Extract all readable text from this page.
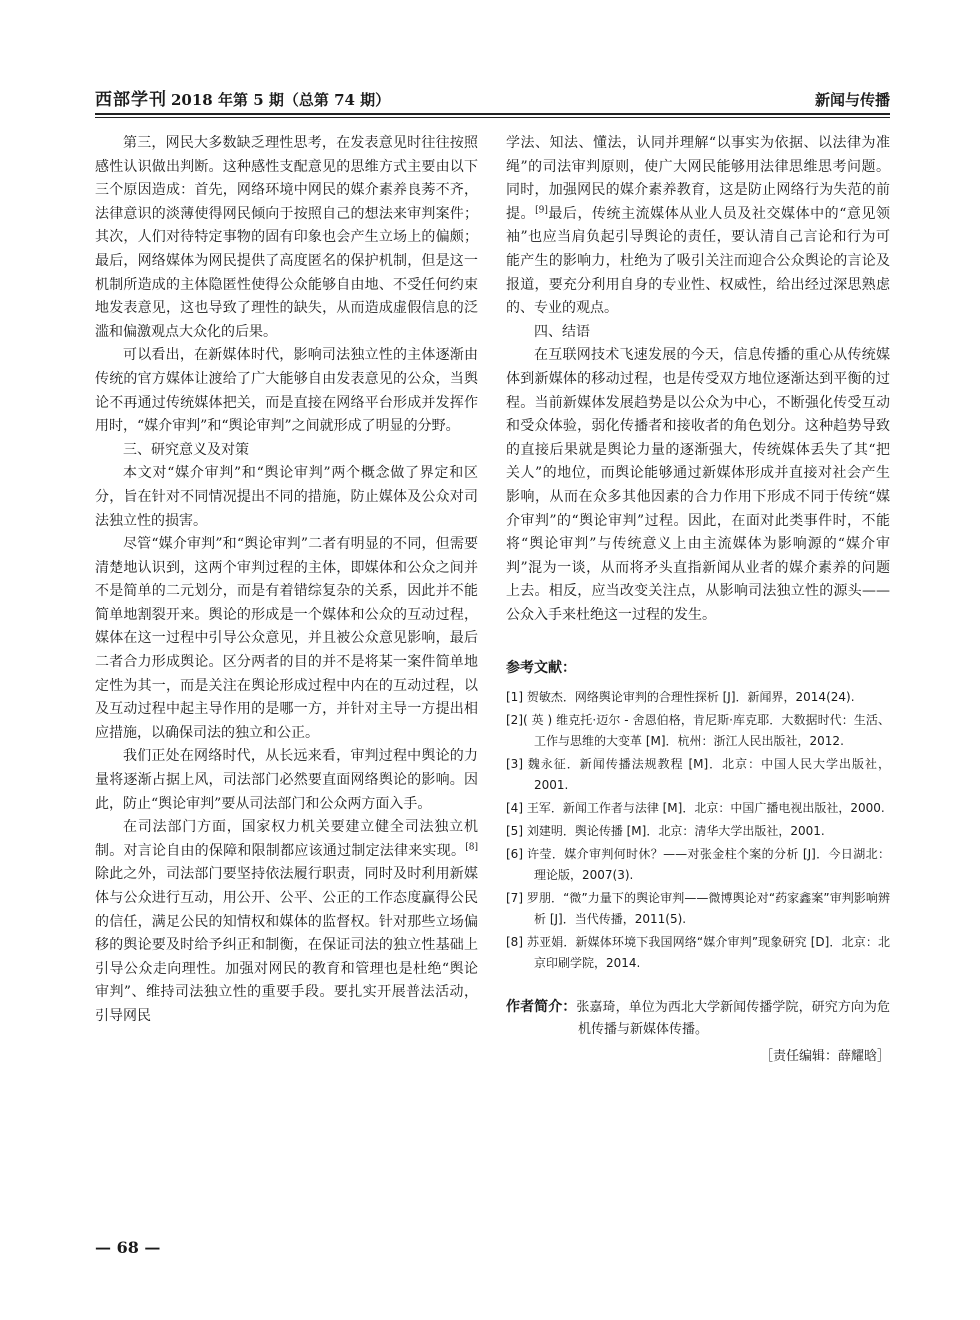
西部学刊 2018 年第 5 期（总第 74 期）	新闻与传播

第三，网民大多数缺乏理性思考，在发表意见时往往按照感性认识做出判断。这种感性支配意见的思维方式主要由以下三个原因造成：首先，网络环境中网民的媒介素养良莠不齐，法律意识的淡薄使得网民倾向于按照自己的想法来审判案件；其次，人们对待特定事物的固有印象也会产生立场上的偏颇；最后，网络媒体为网民提供了高度匿名的保护机制，但是这一机制所造成的主体隐匿性使得公众能够自由地、不受任何约束地发表意见，这也导致了理性的缺失，从而造成虚假信息的泛滥和偏激观点大众化的后果。

可以看出，在新媒体时代，影响司法独立性的主体逐渐由传统的官方媒体让渡给了广大能够自由发表意见的公众，当舆论不再通过传统媒体把关，而是直接在网络平台形成并发挥作用时，“媒介审判”和“舆论审判”之间就形成了明显的分野。

三、研究意义及对策

本文对“媒介审判”和“舆论审判”两个概念做了界定和区分，旨在针对不同情况提出不同的措施，防止媒体及公众对司法独立性的损害。

尽管“媒介审判”和“舆论审判”二者有明显的不同，但需要清楚地认识到，这两个审判过程的主体，即媒体和公众之间并不是简单的二元划分，而是有着错综复杂的关系，因此并不能简单地割裂开来。舆论的形成是一个媒体和公众的互动过程，媒体在这一过程中引导公众意见，并且被公众意见影响，最后二者合力形成舆论。区分两者的目的并不是将某一案件简单地定性为其一，而是关注在舆论形成过程中内在的互动过程，以及互动过程中起主导作用的是哪一方，并针对主导一方提出相应措施，以确保司法的独立和公正。

我们正处在网络时代，从长远来看，审判过程中舆论的力量将逐渐占据上风，司法部门必然要直面网络舆论的影响。因此，防止“舆论审判”要从司法部门和公众两方面入手。

在司法部门方面，国家权力机关要建立健全司法独立机制。对言论自由的保障和限制都应该通过制定法律来实现。[8]除此之外，司法部门要坚持依法履行职责，同时及时利用新媒体与公众进行互动，用公开、公平、公正的工作态度赢得公民的信任，满足公民的知情权和媒体的监督权。针对那些立场偏移的舆论要及时给予纠正和制衡，在保证司法的独立性基础上引导公众走向理性。加强对网民的教育和管理也是杜绝“舆论审判”、维持司法独立性的重要手段。要扎实开展普法活动，引导网民

学法、知法、懂法，认同并理解“以事实为依据、以法律为准绳”的司法审判原则，使广大网民能够用法律思维思考问题。同时，加强网民的媒介素养教育，这是防止网络行为失范的前提。[9]最后，传统主流媒体从业人员及社交媒体中的“意见领袖”也应当肩负起引导舆论的责任，要认清自己言论和行为可能产生的影响力，杜绝为了吸引关注而迎合公众舆论的言论及报道，要充分利用自身的专业性、权威性，给出经过深思熟虑的、专业的观点。

四、结语

在互联网技术飞速发展的今天，信息传播的重心从传统媒体到新媒体的移动过程，也是传受双方地位逐渐达到平衡的过程。当前新媒体发展趋势是以公众为中心，不断强化传受互动和受众体验，弱化传播者和接收者的角色划分。这种趋势导致的直接后果就是舆论力量的逐渐强大，传统媒体丢失了其“把关人”的地位，而舆论能够通过新媒体形成并直接对社会产生影响，从而在众多其他因素的合力作用下形成不同于传统“媒介审判”的“舆论审判”过程。因此，在面对此类事件时，不能将“舆论审判”与传统意义上由主流媒体为影响源的“媒介审判”混为一谈，从而将矛头直指新闻从业者的媒介素养的问题上去。相反，应当改变关注点，从影响司法独立性的源头——公众入手来杜绝这一过程的发生。

参考文献：

[1] 贺敏杰．网络舆论审判的合理性探析 [J]．新闻界，2014(24).
[2]( 英 ) 维克托·迈尔 - 舍恩伯格，肯尼斯·库克耶．大数据时代：生活、工作与思维的大变革 [M]．杭州：浙江人民出版社，2012.
[3] 魏永征．新闻传播法规教程 [M]．北京：中国人民大学出版社，2001.
[4] 王军．新闻工作者与法律 [M]．北京：中国广播电视出版社，2000.
[5] 刘建明．舆论传播 [M]．北京：清华大学出版社，2001.
[6] 许莹．媒介审判何时休？——对张金柱个案的分析 [J]．今日湖北：理论版，2007(3).
[7] 罗朋．“微”力量下的舆论审判——微博舆论对“药家鑫案”审判影响辨析 [J]．当代传播，2011(5).
[8] 苏亚娟．新媒体环境下我国网络“媒介审判”现象研究 [D]．北京：北京印刷学院，2014.
作者简介：张嘉琦，单位为西北大学新闻传播学院，研究方向为危机传播与新媒体传播。
［责任编辑：薛耀晗］
— 68 —
